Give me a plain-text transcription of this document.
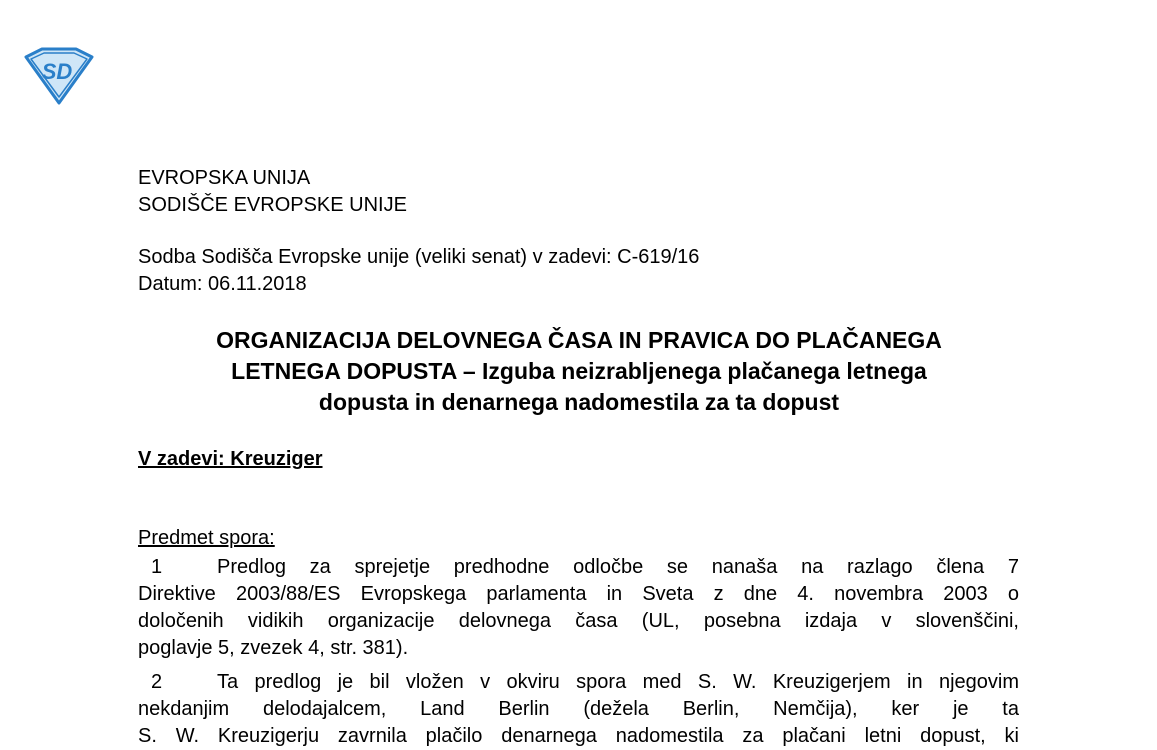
SD
EVROPSKA UNIJA
SODIŠČE EVROPSKE UNIJE
Sodba Sodišča Evropske unije (veliki senat) v zadevi: C-619/16
Datum: 06.11.2018
ORGANIZACIJA DELOVNEGA ČASA IN PRAVICA DO PLAČANEGA
LETNEGA DOPUSTA – Izguba neizrabljenega plačanega letnega
dopusta in denarnega nadomestila za ta dopust
V zadevi: Kreuziger
Predmet spora:
1	Predlog za sprejetje predhodne odločbe se nanaša na razlago člena 7
Direktive 2003/88/ES Evropskega parlamenta in Sveta z dne 4. novembra 2003 o
določenih vidikih organizacije delovnega časa (UL, posebna izdaja v slovenščini,
poglavje 5, zvezek 4, str. 381).
2	Ta predlog je bil vložen v okviru spora med S. W. Kreuzigerjem in njegovim
nekdanjim delodajalcem, Land Berlin (dežela Berlin, Nemčija), ker je ta
S. W. Kreuzigerju zavrnila plačilo denarnega nadomestila za plačani letni dopust, ki
